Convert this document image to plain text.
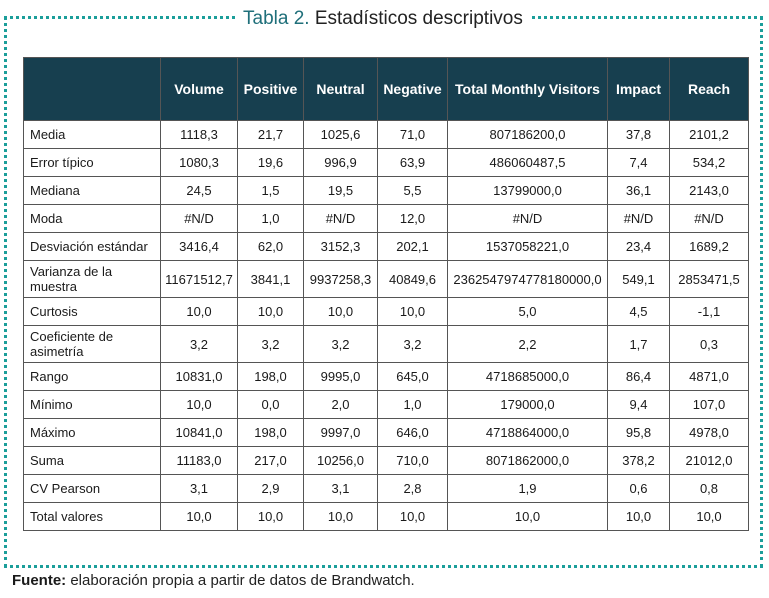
Tabla 2. Estadísticos descriptivos
	Volume	Positive	Neutral	Negative	Total Monthly Visitors	Impact	Reach
Media	1118,3	21,7	1025,6	71,0	807186200,0	37,8	2101,2
Error típico	1080,3	19,6	996,9	63,9	486060487,5	7,4	534,2
Mediana	24,5	1,5	19,5	5,5	13799000,0	36,1	2143,0
Moda	#N/D	1,0	#N/D	12,0	#N/D	#N/D	#N/D
Desviación estándar	3416,4	62,0	3152,3	202,1	1537058221,0	23,4	1689,2
Varianza de la muestra	11671512,7	3841,1	9937258,3	40849,6	2362547974778180000,0	549,1	2853471,5
Curtosis	10,0	10,0	10,0	10,0	5,0	4,5	-1,1
Coeficiente de asimetría	3,2	3,2	3,2	3,2	2,2	1,7	0,3
Rango	10831,0	198,0	9995,0	645,0	4718685000,0	86,4	4871,0
Mínimo	10,0	0,0	2,0	1,0	179000,0	9,4	107,0
Máximo	10841,0	198,0	9997,0	646,0	4718864000,0	95,8	4978,0
Suma	11183,0	217,0	10256,0	710,0	8071862000,0	378,2	21012,0
CV Pearson	3,1	2,9	3,1	2,8	1,9	0,6	0,8
Total valores	10,0	10,0	10,0	10,0	10,0	10,0	10,0
Fuente: elaboración propia a partir de datos de Brandwatch.
